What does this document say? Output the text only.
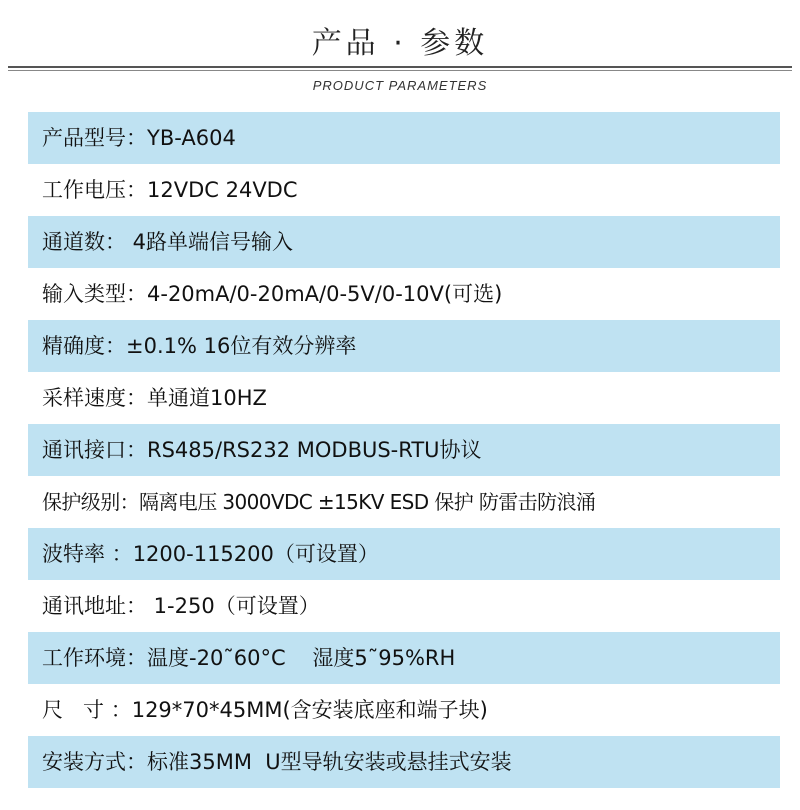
产品 · 参数
PRODUCT PARAMETERS
产品型号：YB-A604
工作电压：12VDC 24VDC
通道数： 4路单端信号输入
输入类型：4-20mA/0-20mA/0-5V/0-10V(可选)
精确度：±0.1% 16位有效分辨率
采样速度：单通道10HZ
通讯接口：RS485/RS232 MODBUS-RTU协议
保护级别：隔离电压 3000VDC ±15KV ESD 保护 防雷击防浪涌
波特率 ：1200-115200（可设置）
通讯地址： 1-250（可设置）
工作环境：温度-20˜60°C    湿度5˜95%RH
尺   寸 ：129*70*45MM(含安装底座和端子块)
安装方式：标准35MM  U型导轨安装或悬挂式安装
